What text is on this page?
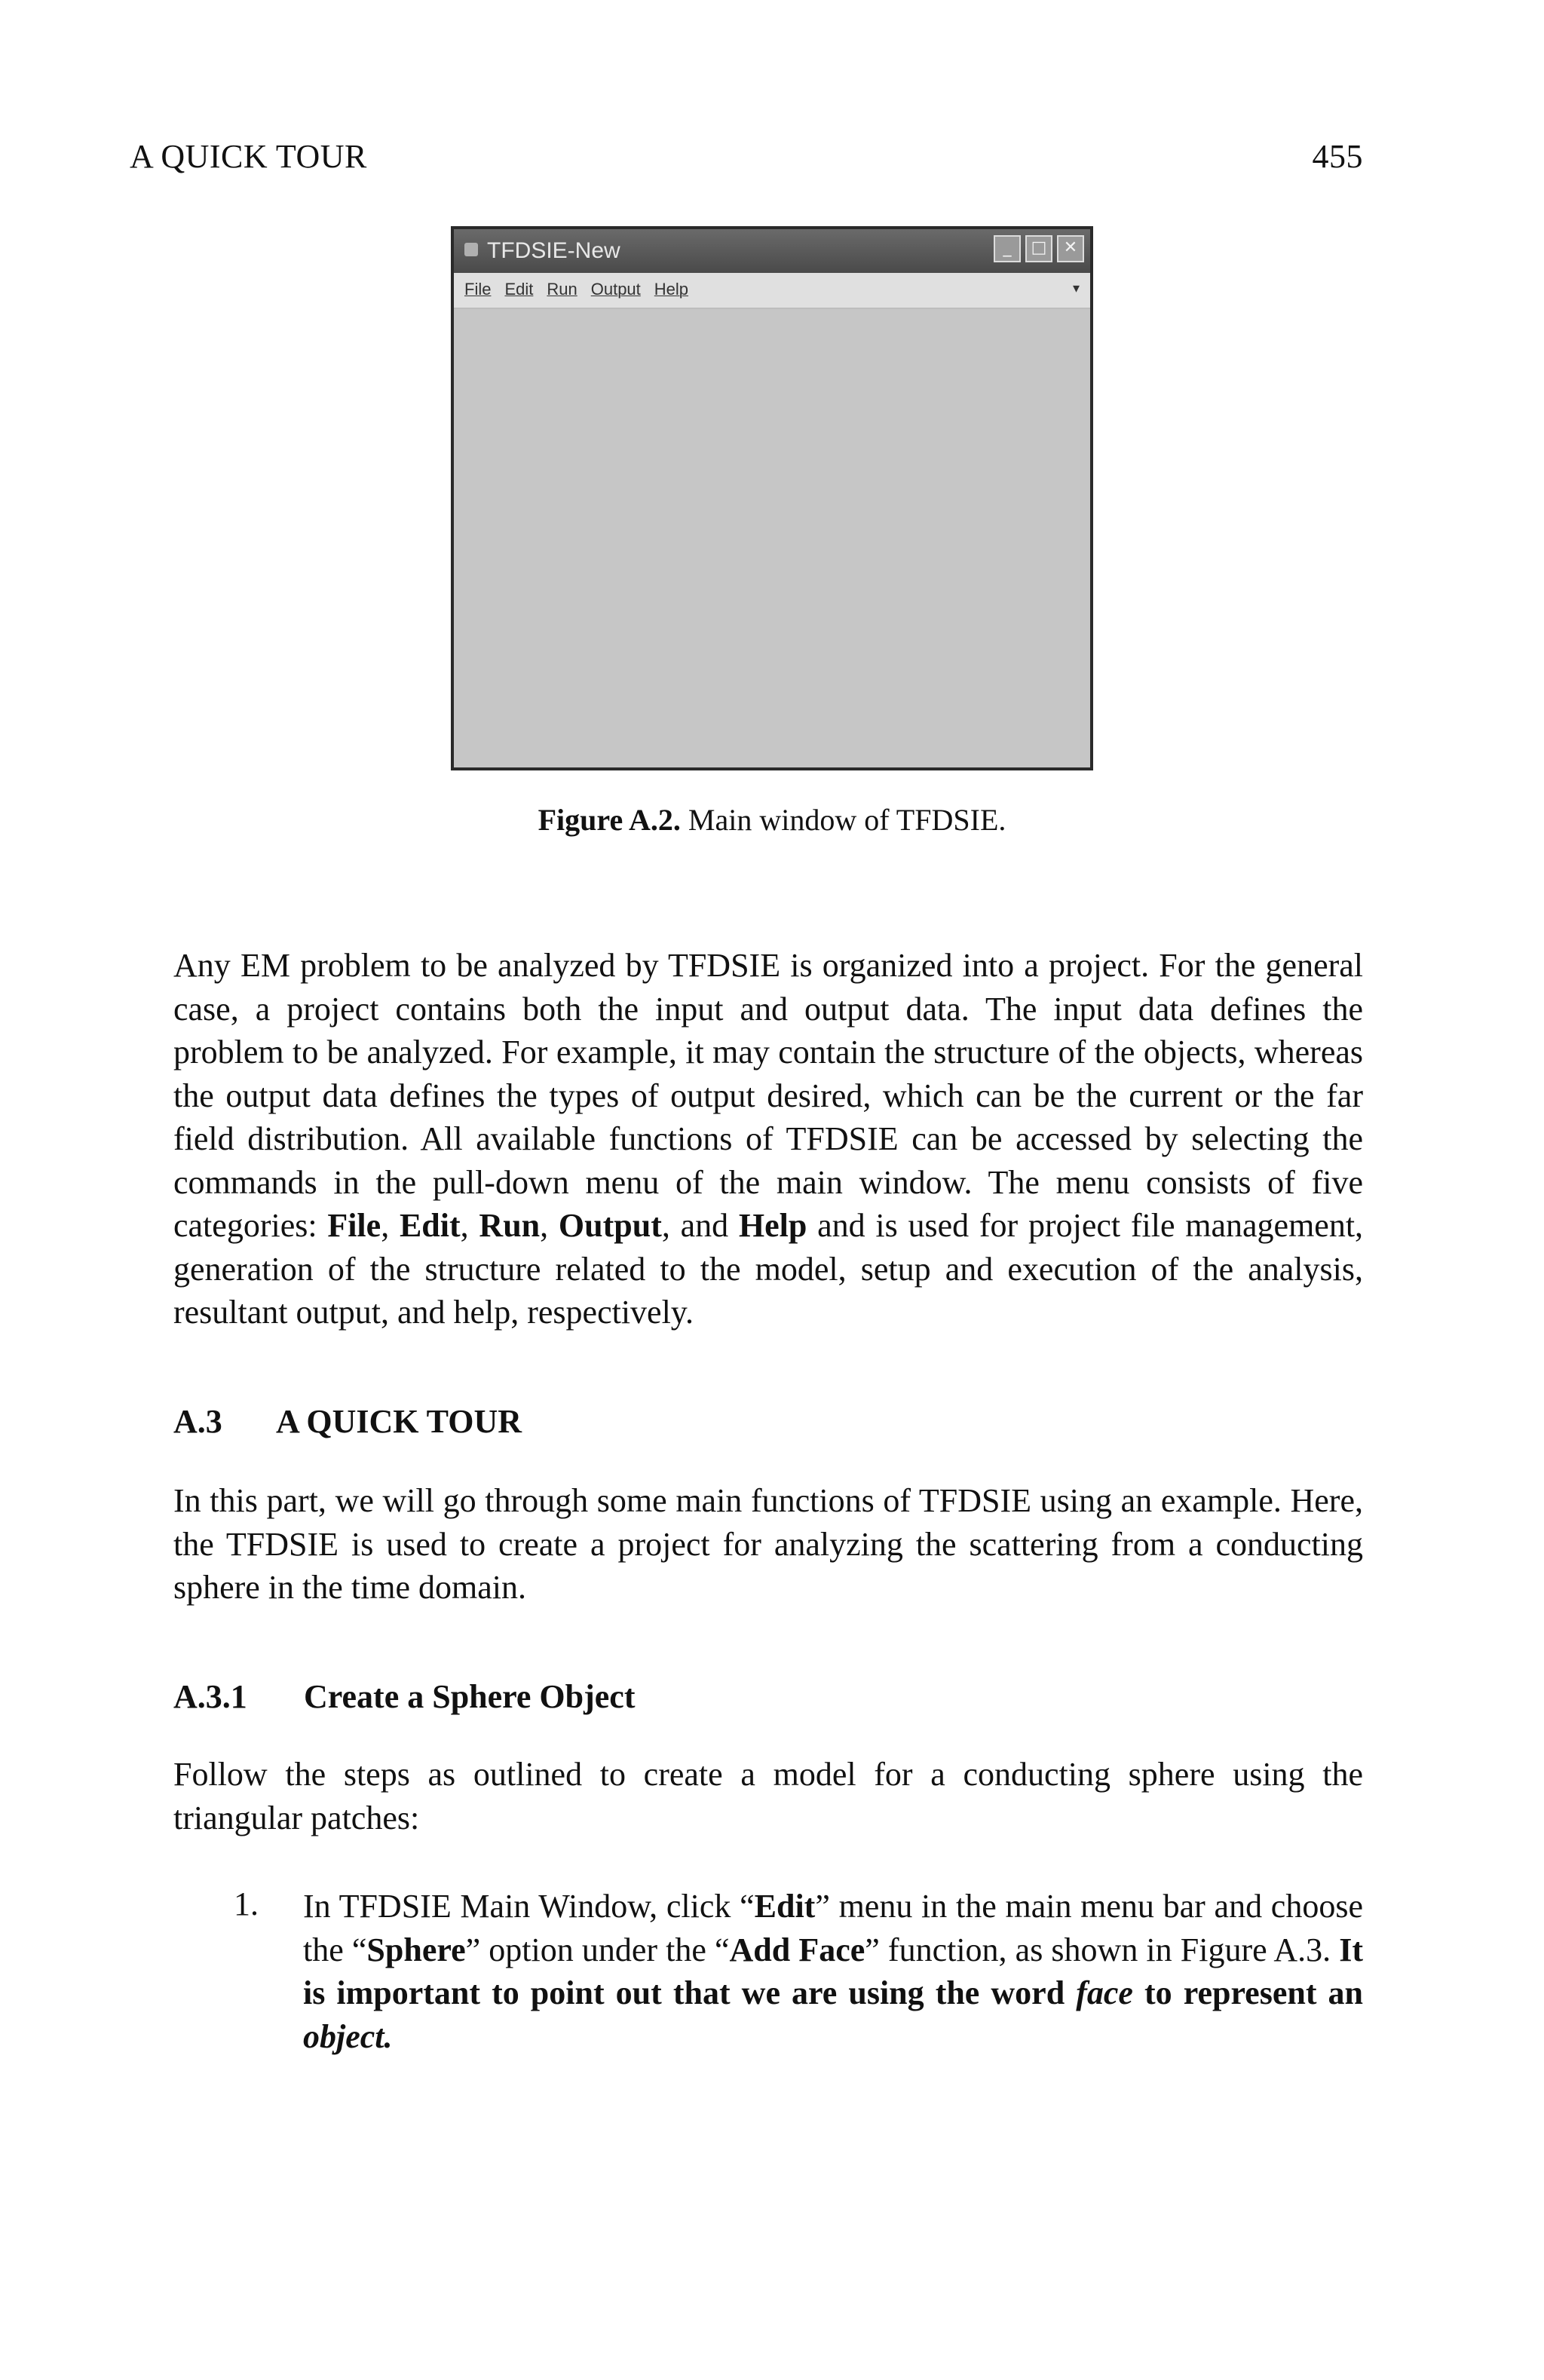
A QUICK TOUR	455
TFDSIE-New	_ □ ✕
File Edit Run Output Help	▾
Figure A.2. Main window of TFDSIE.

Any EM problem to be analyzed by TFDSIE is organized into a project. For the general case, a project contains both the input and output data. The input data defines the problem to be analyzed. For example, it may contain the structure of the objects, whereas the output data defines the types of output desired, which can be the current or the far field distribution. All available functions of TFDSIE can be accessed by selecting the commands in the pull-down menu of the main window. The menu consists of five categories: File, Edit, Run, Output, and Help and is used for project file management, generation of the structure related to the model, setup and execution of the analysis, resultant output, and help, respectively.

A.3 A QUICK TOUR

In this part, we will go through some main functions of TFDSIE using an example. Here, the TFDSIE is used to create a project for analyzing the scattering from a conducting sphere in the time domain.

A.3.1 Create a Sphere Object

Follow the steps as outlined to create a model for a conducting sphere using the triangular patches:

1. In TFDSIE Main Window, click “Edit” menu in the main menu bar and choose the “Sphere” option under the “Add Face” function, as shown in Figure A.3. It is important to point out that we are using the word face to represent an object.
